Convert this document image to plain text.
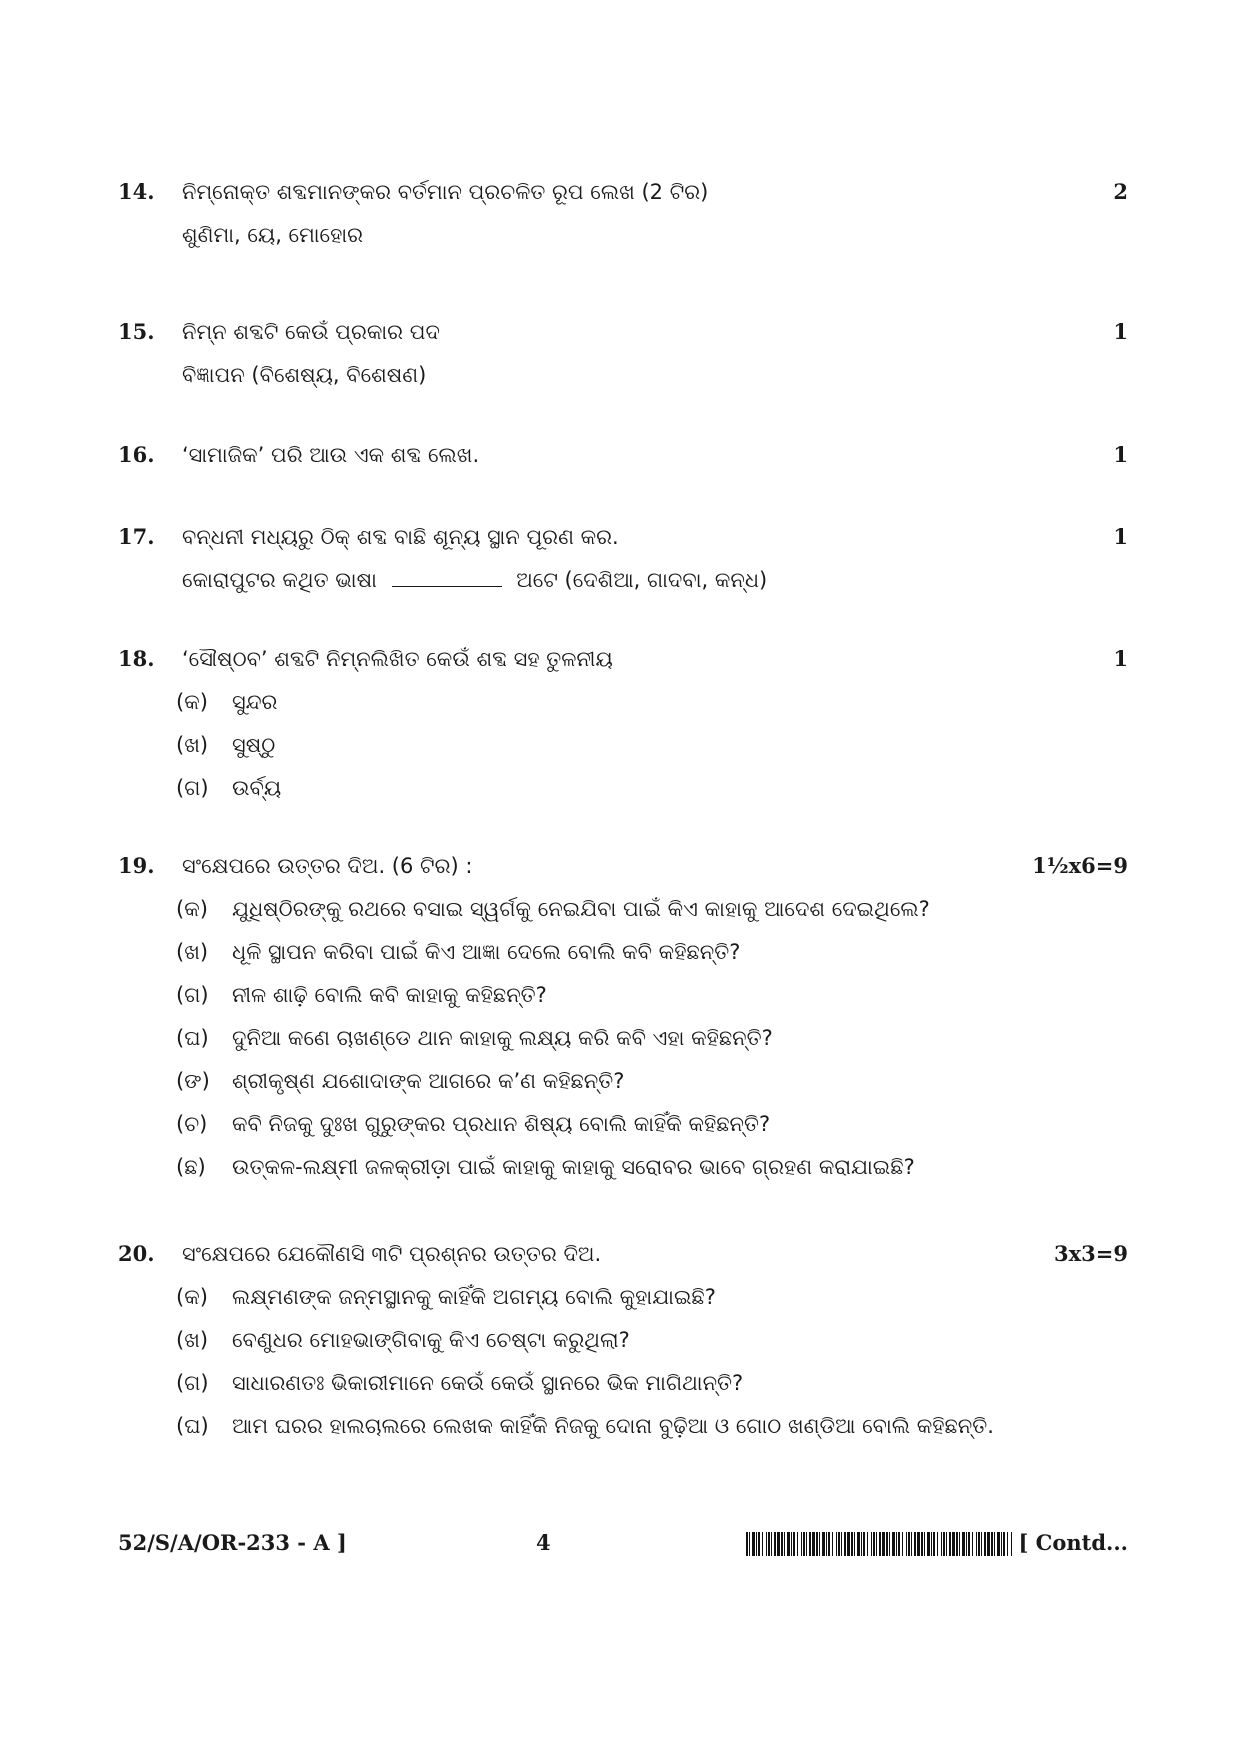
14.	ନିମ୍ନୋକ୍ତ ଶବ୍ଦମାନଙ୍କର ବର୍ତମାନ ପ୍ରଚଳିତ ରୂପ ଲେଖ (2 ଟିର)	2
ଶୁଣିମା, ୟେ, ମୋହୋର
15.	ନିମ୍ନ ଶବ୍ଦଟି କେଉଁ ପ୍ରକାର ପଦ	1
ବିଜ୍ଞାପନ (ବିଶେଷ୍ୟ, ବିଶେଷଣ)
16.	‘ସାମାଜିକ’ ପରି ଆଉ ଏକ ଶବ୍ଦ ଲେଖ.	1
17.	ବନ୍ଧନୀ ମଧ୍ୟରୁ ଠିକ୍ ଶବ୍ଦ ବାଛି ଶୂନ୍ୟ ସ୍ଥାନ ପୂରଣ କର.	1
କୋରାପୁଟର କଥିତ ଭାଷା	ଅଟେ (ଦେଶିଆ, ଗାଦବା, କନ୍ଧ)
18.	‘ସୌଷ୍ଠବ’ ଶବ୍ଦଟି ନିମ୍ନଲିଖିତ କେଉଁ ଶବ୍ଦ ସହ ତୁଳନୀୟ	1
(କ)	ସୁନ୍ଦର
(ଖ)	ସୁଷ୍ଠୁ
(ଗ)	ଉର୍ବ୍ୟ
19.	ସଂକ୍ଷେପରେ ଉତ୍ତର ଦିଅ. (6 ଟିର) :	1½x6=9
(କ)	ଯୁଧିଷ୍ଠିରଙ୍କୁ ରଥରେ ବସାଇ ସ୍ୱର୍ଗକୁ ନେଇଯିବା ପାଇଁ କିଏ କାହାକୁ ଆଦେଶ ଦେଇଥିଲେ?
(ଖ)	ଧୂଳି ସ୍ଥାପନ କରିବା ପାଇଁ କିଏ ଆଜ୍ଞା ଦେଲେ ବୋଲି କବି କହିଛନ୍ତି?
(ଗ)	ନୀଳ ଶାଢ଼ି ବୋଲି କବି କାହାକୁ କହିଛନ୍ତି?
(ଘ)	ଦୁନିଆ କଣେ ଚାଖଣ୍ଡେ ଥାନ କାହାକୁ ଲକ୍ଷ୍ୟ କରି କବି ଏହା କହିଛନ୍ତି?
(ଙ)	ଶ୍ରୀକୃଷ୍ଣ ଯଶୋଦାଙ୍କ ଆଗରେ କ’ଣ କହିଛନ୍ତି?
(ଚ)	କବି ନିଜକୁ ଦୁଃଖ ଗୁରୁଙ୍କର ପ୍ରଧାନ ଶିଷ୍ୟ ବୋଲି କାହିଁକି କହିଛନ୍ତି?
(ଛ)	ଉତ୍କଳ-ଲକ୍ଷ୍ମୀ ଜଳକ୍ରୀଡ଼ା ପାଇଁ କାହାକୁ କାହାକୁ ସରୋବର ଭାବେ ଗ୍ରହଣ କରାଯାଇଛି?
20.	ସଂକ୍ଷେପରେ ଯେକୌଣସି ୩ଟି ପ୍ରଶ୍ନର ଉତ୍ତର ଦିଅ.	3x3=9
(କ)	ଲକ୍ଷ୍ମଣଙ୍କ ଜନ୍ମସ୍ଥାନକୁ କାହିଁକି ଅଗମ୍ୟ ବୋଲି କୁହାଯାଇଛି?
(ଖ)	ବେଣୁଧର ମୋହଭାଙ୍ଗିବାକୁ କିଏ ଚେଷ୍ଟା କରୁଥିଲା?
(ଗ)	ସାଧାରଣତଃ ଭିକାରୀମାନେ କେଉଁ କେଉଁ ସ୍ଥାନରେ ଭିକ ମାଗିଥାନ୍ତି?
(ଘ)	ଆମ ଘରର ହାଲଚାଲରେ ଲେଖକ କାହିଁକି ନିଜକୁ ଦୋନା ବୁଢ଼ିଆ ଓ ଗୋଠ ଖଣ୍ଡିଆ ବୋଲି କହିଛନ୍ତି.
52/S/A/OR-233 - A ]	4	[ Contd...
